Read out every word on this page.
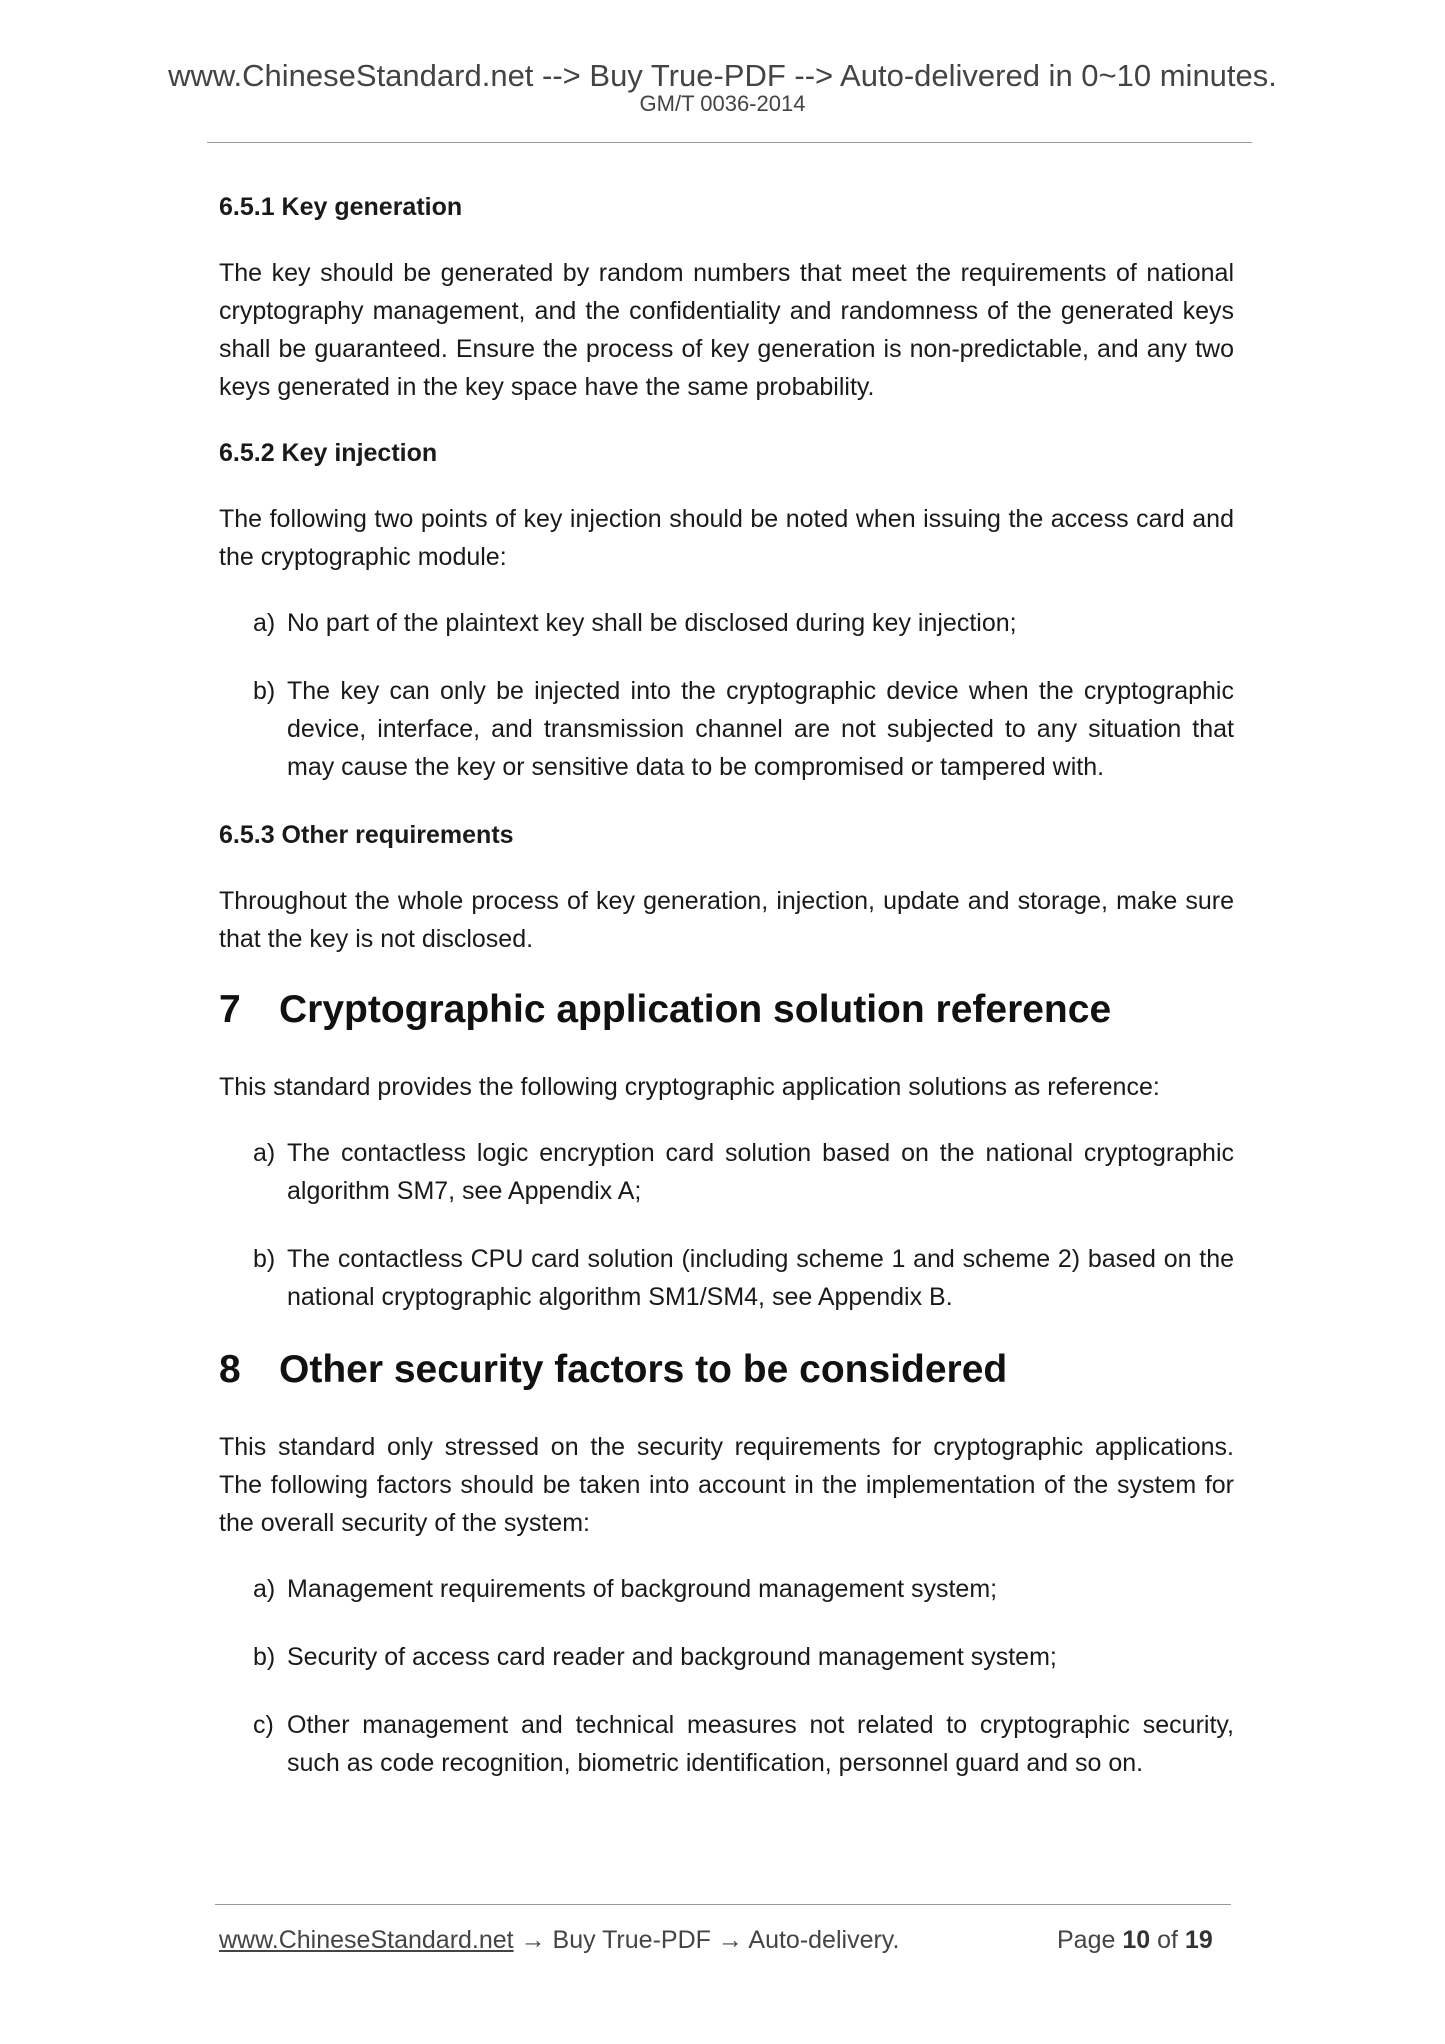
www.ChineseStandard.net --> Buy True-PDF --> Auto-delivered in 0~10 minutes.
GM/T 0036-2014
6.5.1 Key generation

The key should be generated by random numbers that meet the requirements of national cryptography management, and the confidentiality and randomness of the generated keys shall be guaranteed. Ensure the process of key generation is non-predictable, and any two keys generated in the key space have the same probability.

6.5.2 Key injection

The following two points of key injection should be noted when issuing the access card and the cryptographic module:

a) No part of the plaintext key shall be disclosed during key injection;
b) The key can only be injected into the cryptographic device when the cryptographic device, interface, and transmission channel are not subjected to any situation that may cause the key or sensitive data to be compromised or tampered with.
6.5.3 Other requirements

Throughout the whole process of key generation, injection, update and storage, make sure that the key is not disclosed.

7 Cryptographic application solution reference

This standard provides the following cryptographic application solutions as reference:

a) The contactless logic encryption card solution based on the national cryptographic algorithm SM7, see Appendix A;
b) The contactless CPU card solution (including scheme 1 and scheme 2) based on the national cryptographic algorithm SM1/SM4, see Appendix B.
8 Other security factors to be considered

This standard only stressed on the security requirements for cryptographic applications. The following factors should be taken into account in the implementation of the system for the overall security of the system:

a) Management requirements of background management system;
b) Security of access card reader and background management system;
c) Other management and technical measures not related to cryptographic security, such as code recognition, biometric identification, personnel guard and so on.
www.ChineseStandard.net → Buy True-PDF → Auto-delivery.	Page 10 of 19
